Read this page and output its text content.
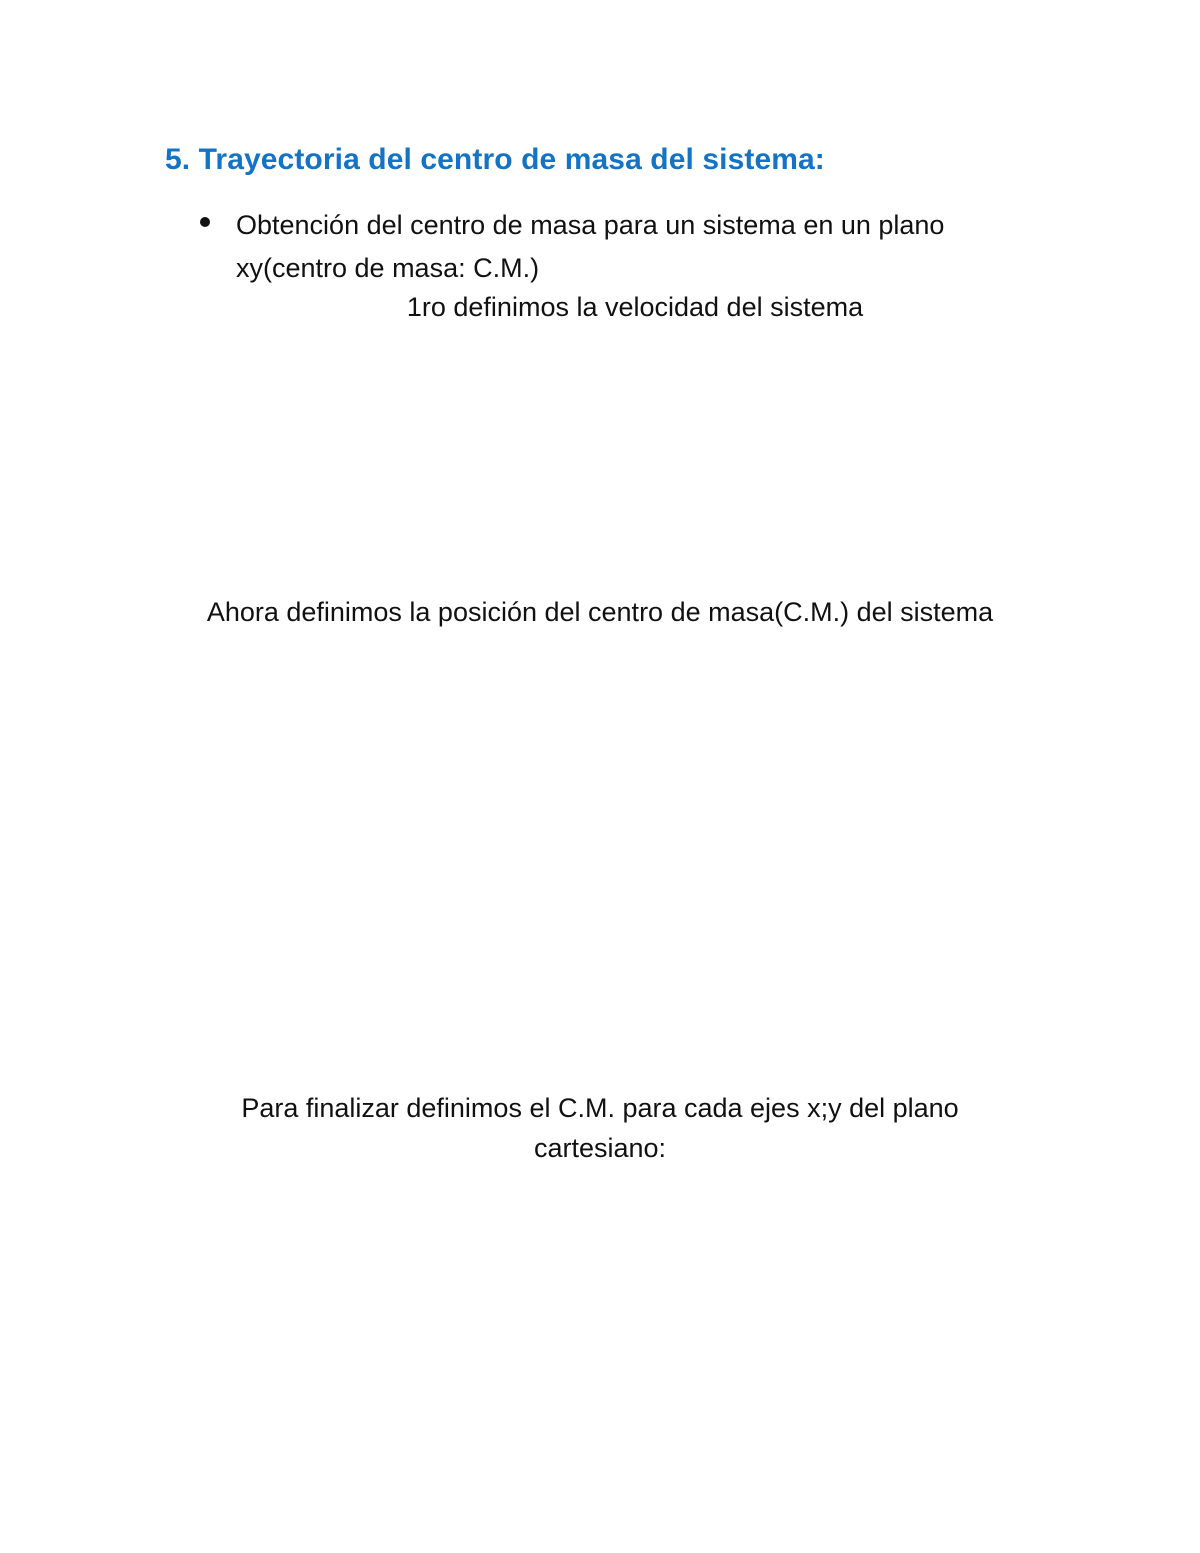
5. Trayectoria del centro de masa del sistema:
Obtención del centro de masa para un sistema en un plano xy(centro de masa: C.M.)

1ro definimos la velocidad del sistema

Ahora definimos la posición del centro de masa(C.M.) del sistema

Para finalizar definimos el C.M. para cada ejes x;y del plano
cartesiano:
